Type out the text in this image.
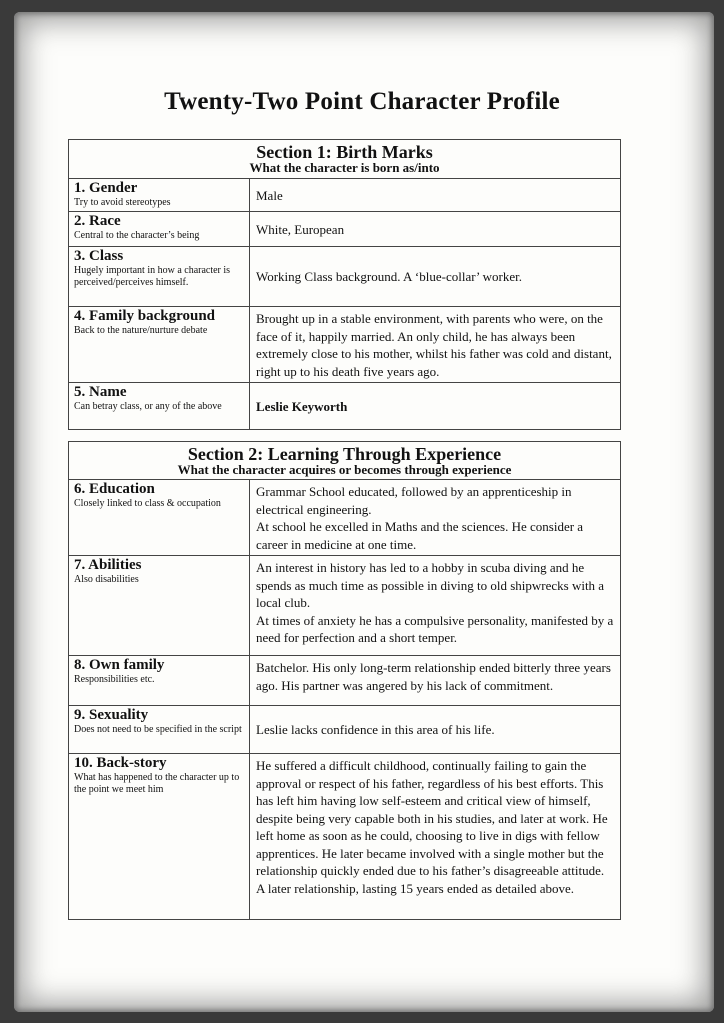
Twenty-Two Point Character Profile
Section 1: Birth Marks
What the character is born as/into	

1. Gender
Try to avoid stereotypes	Male

2. Race
Central to the character’s being	White, European

3. Class
Hugely important in how a character is perceived/perceives himself.	Working Class background. A ‘blue-collar’ worker.

4. Family background
Back to the nature/nurture debate	Brought up in a stable environment, with parents who were, on the face of it, happily married. An only child, he has always been extremely close to his mother, whilst his father was cold and distant, right up to his death five years ago.

5. Name
Can betray class, or any of the above	Leslie Keyworth
Section 2: Learning Through Experience
What the character acquires or becomes through experience	

6. Education
Closely linked to class & occupation	Grammar School educated, followed by an apprenticeship in electrical engineering.
At school he excelled in Maths and the sciences. He consider a career in medicine at one time.

7. Abilities
Also disabilities	An interest in history has led to a hobby in scuba diving and he spends as much time as possible in diving to old shipwrecks with a local club.
At times of anxiety he has a compulsive personality, manifested by a need for perfection and a short temper.

8. Own family
Responsibilities etc.	Batchelor. His only long-term relationship ended bitterly three years ago. His partner was angered by his lack of commitment.

9. Sexuality
Does not need to be specified in the script	Leslie lacks confidence in this area of his life.

10. Back-story
What has happened to the character up to the point we meet him	He suffered a difficult childhood, continually failing to gain the approval or respect of his father, regardless of his best efforts. This has left him having low self-esteem and critical view of himself, despite being very capable both in his studies, and later at work. He left home as soon as he could, choosing to live in digs with fellow apprentices. He later became involved with a single mother but the relationship quickly ended due to his father’s disagreeable attitude. A later relationship, lasting 15 years ended as detailed above.
